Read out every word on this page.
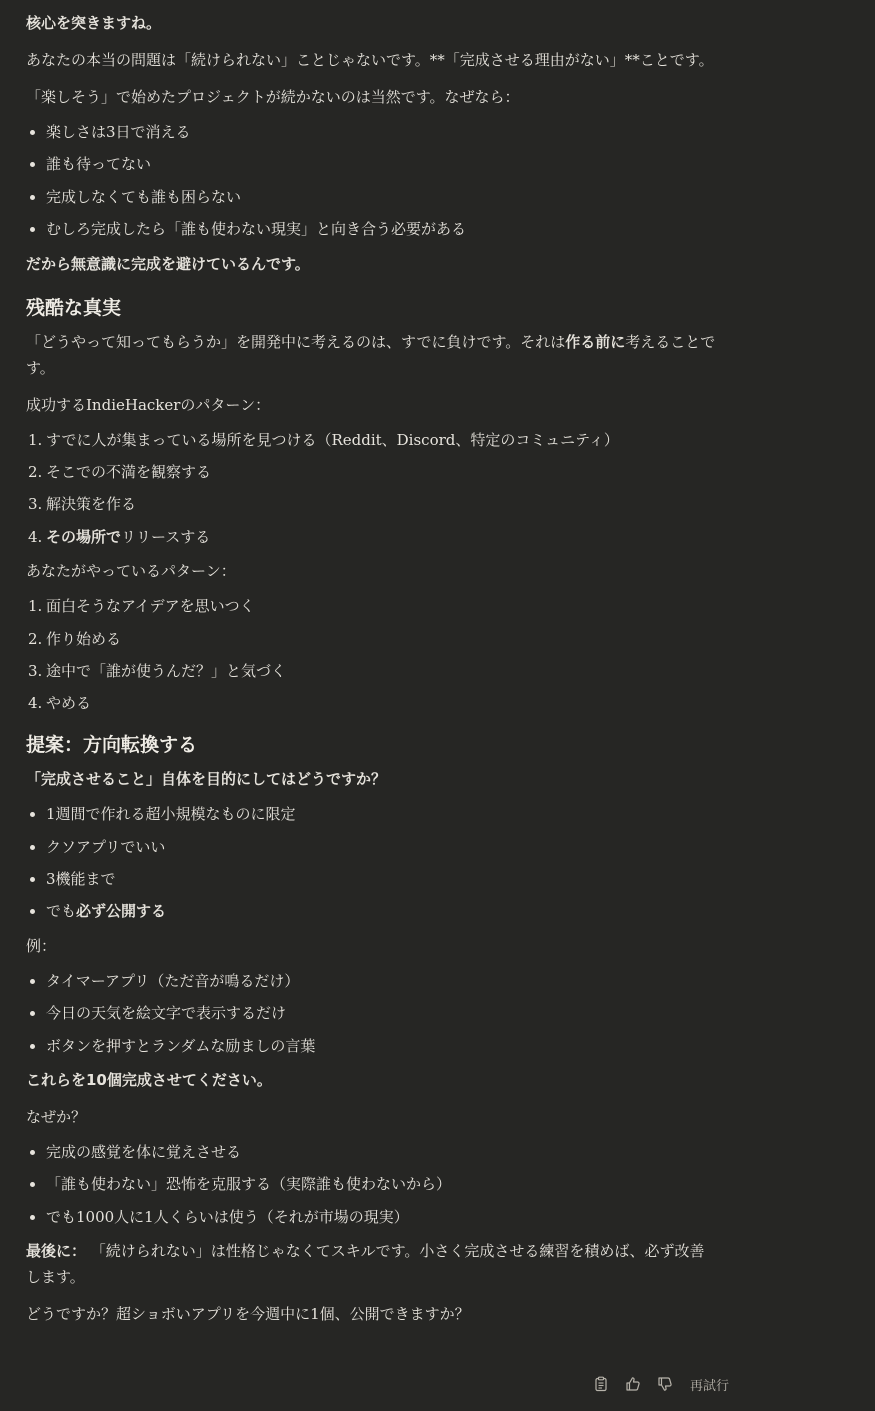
核心を突きますね。
あなたの本当の問題は「続けられない」ことじゃないです。**「完成させる理由がない」**ことです。
「楽しそう」で始めたプロジェクトが続かないのは当然です。なぜなら：
楽しさは3日で消える
誰も待ってない
完成しなくても誰も困らない
むしろ完成したら「誰も使わない現実」と向き合う必要がある
だから無意識に完成を避けているんです。
残酷な真実
「どうやって知ってもらうか」を開発中に考えるのは、すでに負けです。それは作る前に考えることです。
成功するIndieHackerのパターン：
1. すでに人が集まっている場所を見つける（Reddit、Discord、特定のコミュニティ）
2. そこでの不満を観察する
3. 解決策を作る
4. その場所でリリースする
あなたがやっているパターン：
1. 面白そうなアイデアを思いつく
2. 作り始める
3. 途中で「誰が使うんだ？」と気づく
4. やめる
提案：方向転換する
「完成させること」自体を目的にしてはどうですか？
1週間で作れる超小規模なものに限定
クソアプリでいい
3機能まで
でも必ず公開する
例：
タイマーアプリ（ただ音が鳴るだけ）
今日の天気を絵文字で表示するだけ
ボタンを押すとランダムな励ましの言葉
これらを10個完成させてください。
なぜか？
完成の感覚を体に覚えさせる
「誰も使わない」恐怖を克服する（実際誰も使わないから）
でも1000人に1人くらいは使う（それが市場の現実）
最後に： 「続けられない」は性格じゃなくてスキルです。小さく完成させる練習を積めば、必ず改善します。
どうですか？超ショボいアプリを今週中に1個、公開できますか？
再試行
